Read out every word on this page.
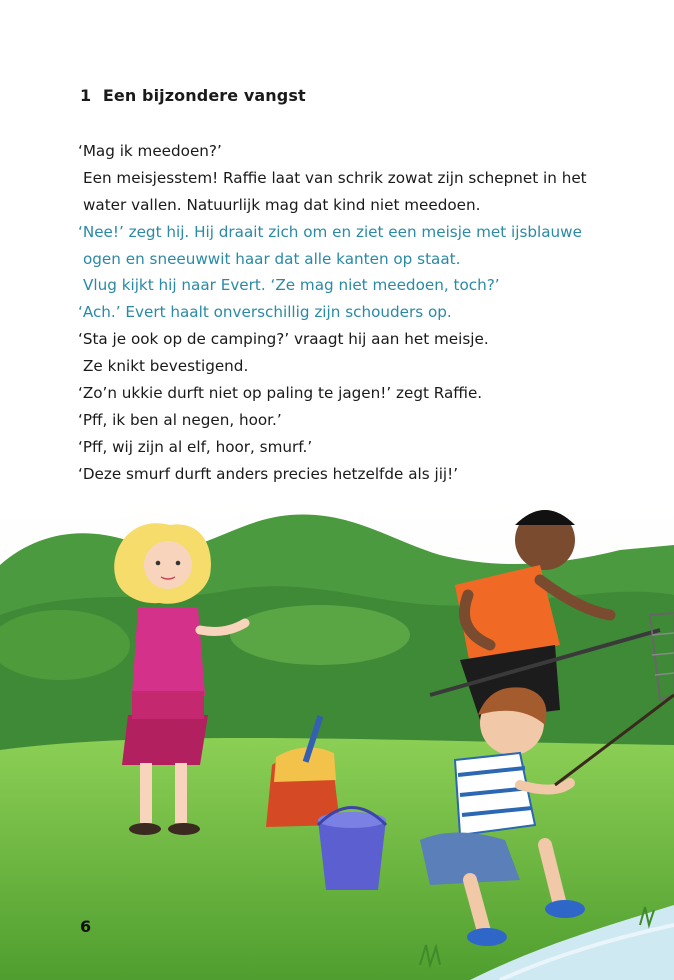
1 Een bijzondere vangst
‘Mag ik meedoen?’
Een meisjesstem! Raffie laat van schrik zowat zijn schepnet in het
water vallen. Natuurlijk mag dat kind niet meedoen.
‘Nee!’ zegt hij. Hij draait zich om en ziet een meisje met ijsblauwe
ogen en sneeuwwit haar dat alle kanten op staat.
Vlug kijkt hij naar Evert. ‘Ze mag niet meedoen, toch?’
‘Ach.’ Evert haalt onverschillig zijn schouders op.
‘Sta je ook op de camping?’ vraagt hij aan het meisje.
Ze knikt bevestigend.
‘Zo’n ukkie durft niet op paling te jagen!’ zegt Raffie.
‘Pff, ik ben al negen, hoor.’
‘Pff, wij zijn al elf, hoor, smurf.’
‘Deze smurf durft anders precies hetzelfde als jij!’
6
